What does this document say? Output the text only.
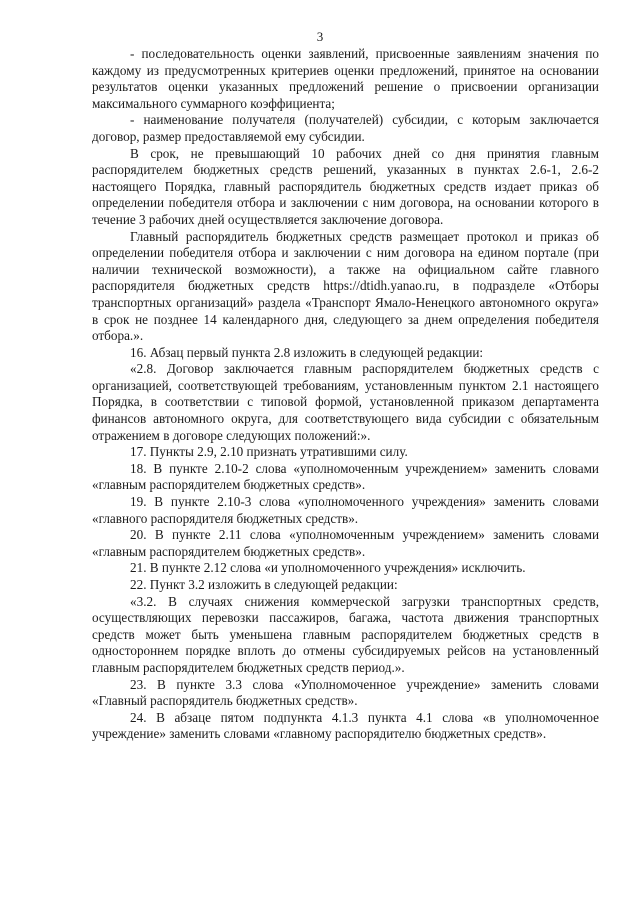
3

- последовательность оценки заявлений, присвоенные заявлениям значения по каждому из предусмотренных критериев оценки предложений, принятое на основании результатов оценки указанных предложений решение о присвоении организации максимального суммарного коэффициента;

- наименование получателя (получателей) субсидии, с которым заключается договор, размер предоставляемой ему субсидии.

В срок, не превышающий 10 рабочих дней со дня принятия главным распорядителем бюджетных средств решений, указанных в пунктах 2.6-1, 2.6-2 настоящего Порядка, главный распорядитель бюджетных средств издает приказ об определении победителя отбора и заключении с ним договора, на основании которого в течение 3 рабочих дней осуществляется заключение договора.

Главный распорядитель бюджетных средств размещает протокол и приказ об определении победителя отбора и заключении с ним договора на едином портале (при наличии технической возможности), а также на официальном сайте главного распорядителя бюджетных средств https://dtidh.yanao.ru, в подразделе «Отборы транспортных организаций» раздела «Транспорт Ямало-Ненецкого автономного округа» в срок не позднее 14 календарного дня, следующего за днем определения победителя отбора.».

16. Абзац первый пункта 2.8 изложить в следующей редакции:

«2.8. Договор заключается главным распорядителем бюджетных средств с организацией, соответствующей требованиям, установленным пунктом 2.1 настоящего Порядка, в соответствии с типовой формой, установленной приказом департамента финансов автономного округа, для соответствующего вида субсидии с обязательным отражением в договоре следующих положений:».

17. Пункты 2.9, 2.10 признать утратившими силу.

18. В пункте 2.10-2 слова «уполномоченным учреждением» заменить словами «главным распорядителем бюджетных средств».

19. В пункте 2.10-3 слова «уполномоченного учреждения» заменить словами «главного распорядителя бюджетных средств».

20. В пункте 2.11 слова «уполномоченным учреждением» заменить словами «главным распорядителем бюджетных средств».

21. В пункте 2.12 слова «и уполномоченного учреждения» исключить.

22. Пункт 3.2 изложить в следующей редакции:

«3.2. В случаях снижения коммерческой загрузки транспортных средств, осуществляющих перевозки пассажиров, багажа, частота движения транспортных средств может быть уменьшена главным распорядителем бюджетных средств в одностороннем порядке вплоть до отмены субсидируемых рейсов на установленный главным распорядителем бюджетных средств период.».

23. В пункте 3.3 слова «Уполномоченное учреждение» заменить словами «Главный распорядитель бюджетных средств».

24. В абзаце пятом подпункта 4.1.3 пункта 4.1 слова «в уполномоченное учреждение» заменить словами «главному распорядителю бюджетных средств».
